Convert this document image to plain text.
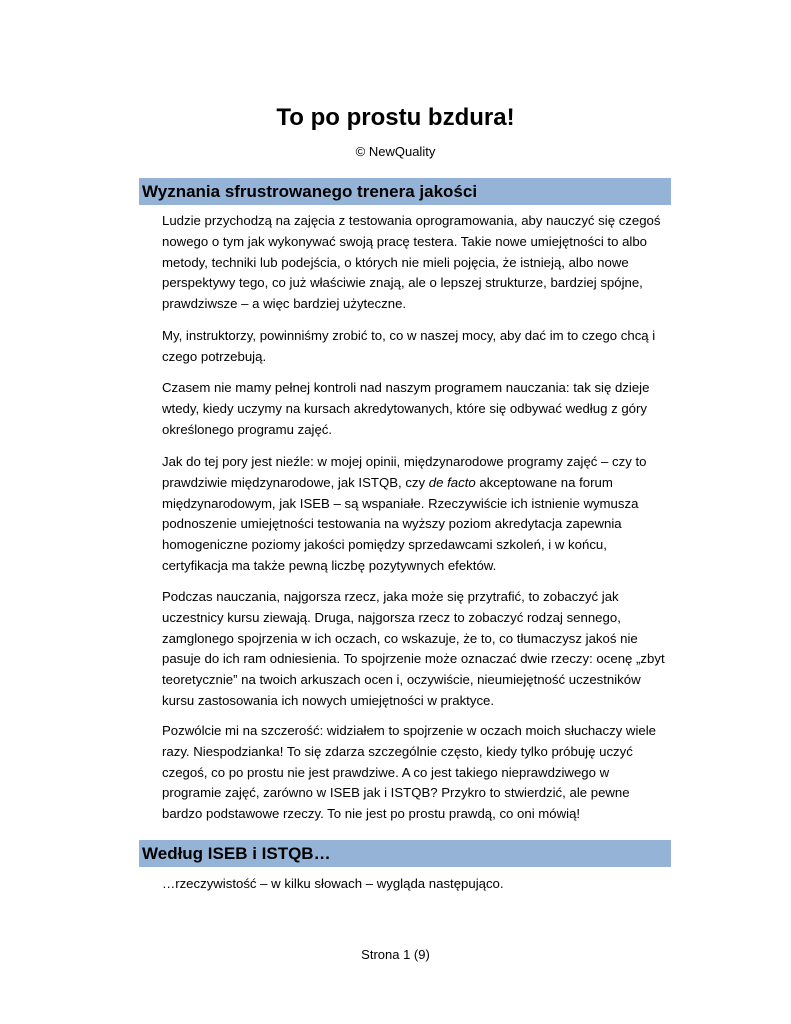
To po prostu bzdura!
© NewQuality
Wyznania sfrustrowanego trenera jakości

Ludzie przychodzą na zajęcia z testowania oprogramowania, aby nauczyć się czegoś nowego o tym jak wykonywać swoją pracę testera. Takie nowe umiejętności to albo metody, techniki lub podejścia, o których nie mieli pojęcia, że istnieją, albo nowe perspektywy tego, co już właściwie znają, ale o lepszej strukturze, bardziej spójne, prawdziwsze – a więc bardziej użyteczne.

My, instruktorzy, powinniśmy zrobić to, co w naszej mocy, aby dać im to czego chcą i czego potrzebują.

Czasem nie mamy pełnej kontroli nad naszym programem nauczania: tak się dzieje wtedy, kiedy uczymy na kursach akredytowanych, które się odbywać według z góry określonego programu zajęć.

Jak do tej pory jest nieźle: w mojej opinii, międzynarodowe programy zajęć – czy to prawdziwie międzynarodowe, jak ISTQB, czy de facto akceptowane na forum międzynarodowym, jak ISEB – są wspaniałe. Rzeczywiście ich istnienie wymusza podnoszenie umiejętności testowania na wyższy poziom akredytacja zapewnia homogeniczne poziomy jakości pomiędzy sprzedawcami szkoleń, i w końcu, certyfikacja ma także pewną liczbę pozytywnych efektów.

Podczas nauczania, najgorsza rzecz, jaka może się przytrafić, to zobaczyć jak uczestnicy kursu ziewają. Druga, najgorsza rzecz to zobaczyć rodzaj sennego, zamglonego spojrzenia w ich oczach, co wskazuje, że to, co tłumaczysz jakoś nie pasuje do ich ram odniesienia. To spojrzenie może oznaczać dwie rzeczy: ocenę „zbyt teoretycznie” na twoich arkuszach ocen i, oczywiście, nieumiejętność uczestników kursu zastosowania ich nowych umiejętności w praktyce.

Pozwólcie mi na szczerość: widziałem to spojrzenie w oczach moich słuchaczy wiele razy. Niespodzianka! To się zdarza szczególnie często, kiedy tylko próbuję uczyć czegoś, co po prostu nie jest prawdziwe. A co jest takiego nieprawdziwego w programie zajęć, zarówno w ISEB jak i ISTQB? Przykro to stwierdzić, ale pewne bardzo podstawowe rzeczy. To nie jest po prostu prawdą, co oni mówią!

Według ISEB i ISTQB…

…rzeczywistość – w kilku słowach – wygląda następująco.

Strona 1 (9)
